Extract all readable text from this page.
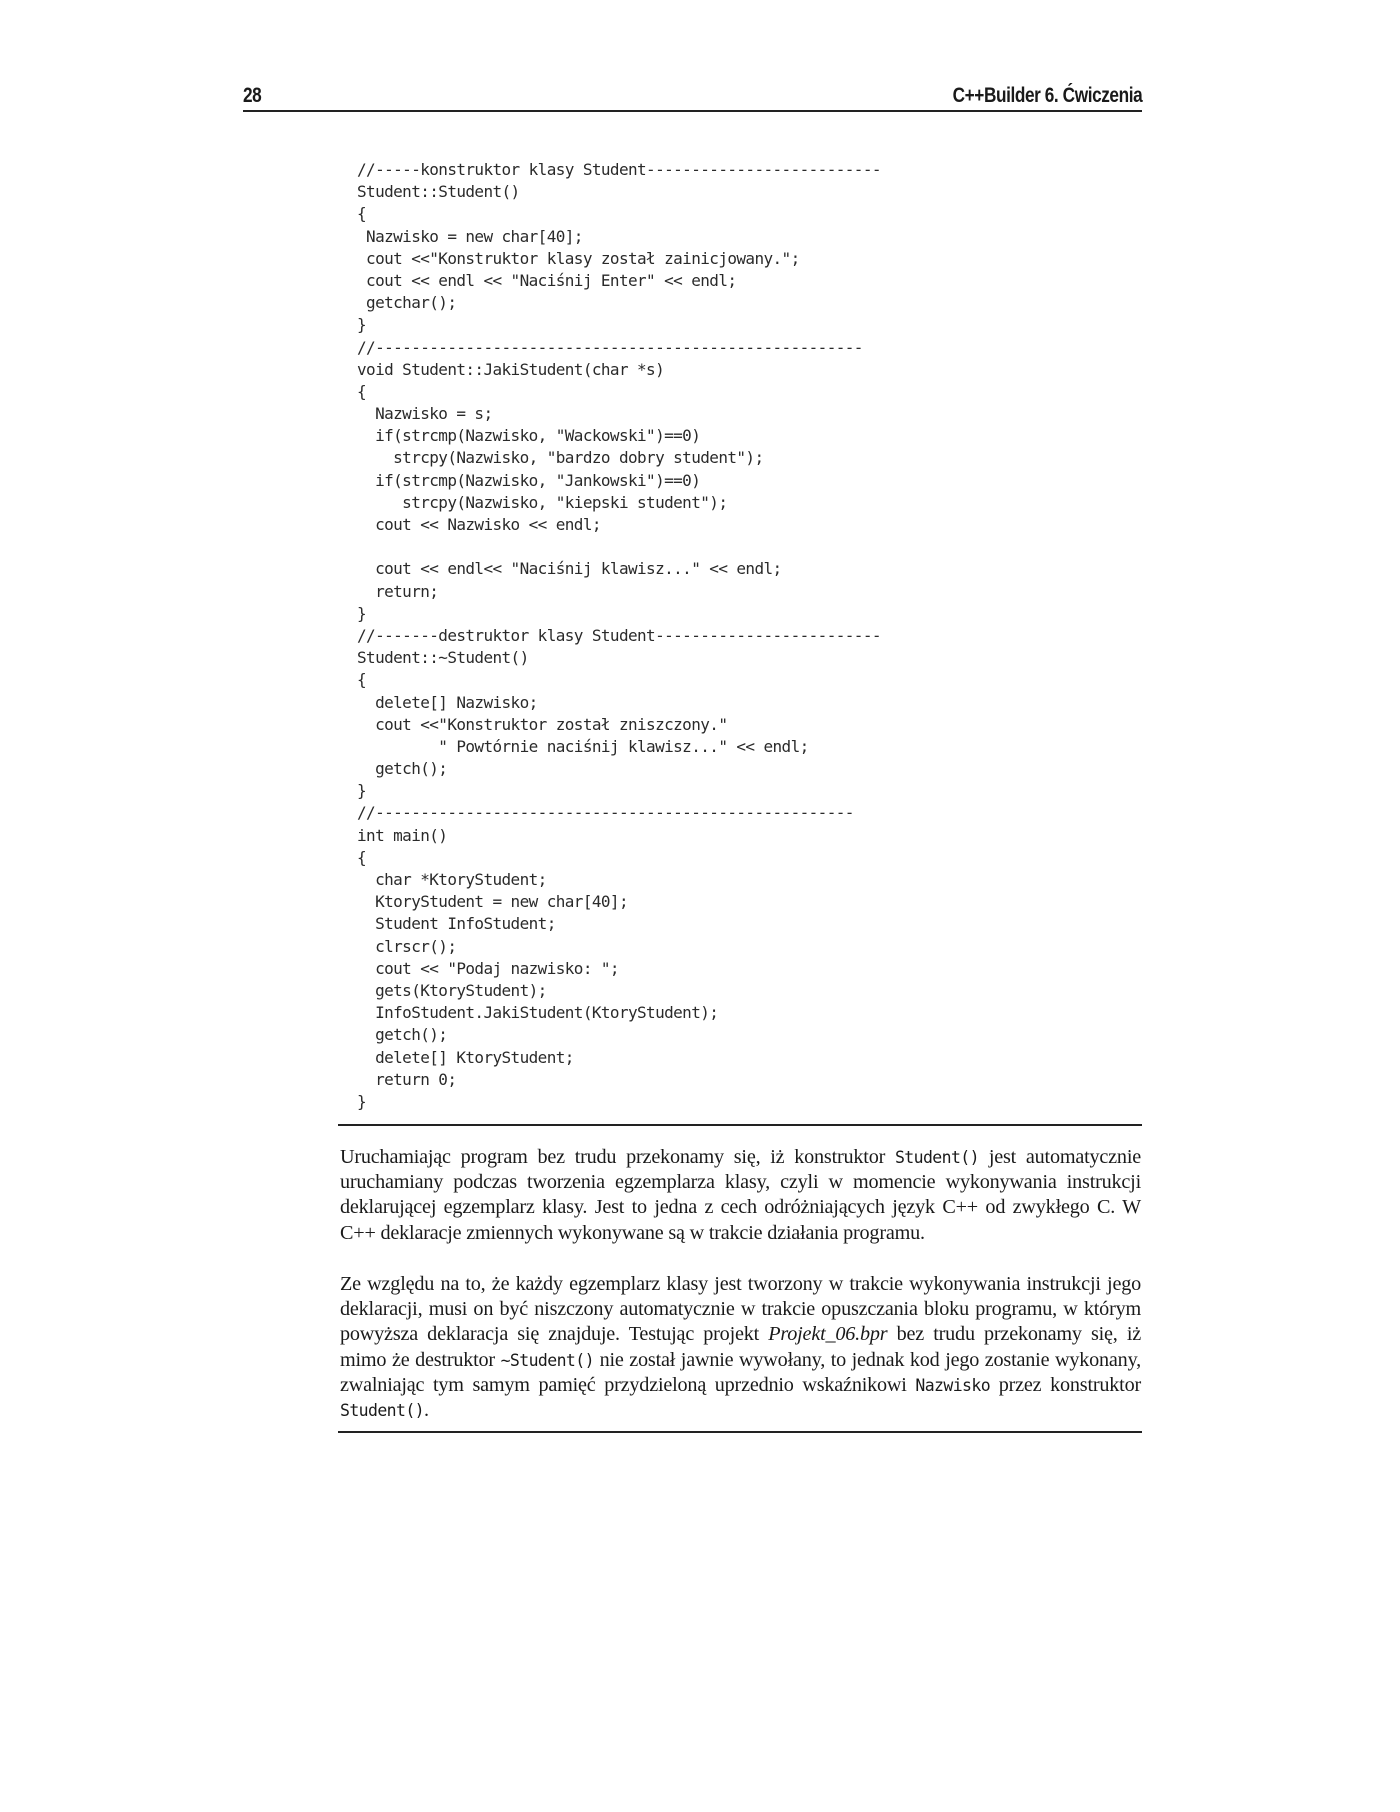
28	C++Builder 6. Ćwiczenia
//-----konstruktor klasy Student--------------------------
Student::Student()
{
Nazwisko = new char[40];
cout <<"Konstruktor klasy został zainicjowany.";
cout << endl << "Naciśnij Enter" << endl;
getchar();
}
//------------------------------------------------------
void Student::JakiStudent(char *s)
{
Nazwisko = s;
if(strcmp(Nazwisko, "Wackowski")==0)
strcpy(Nazwisko, "bardzo dobry student");
if(strcmp(Nazwisko, "Jankowski")==0)
strcpy(Nazwisko, "kiepski student");
cout << Nazwisko << endl;
cout << endl<< "Naciśnij klawisz..." << endl;
return;
}
//-------destruktor klasy Student-------------------------
Student::~Student()
{
delete[] Nazwisko;
cout <<"Konstruktor został zniszczony."
" Powtórnie naciśnij klawisz..." << endl;
getch();
}
//-----------------------------------------------------
int main()
{
char *KtoryStudent;
KtoryStudent = new char[40];
Student InfoStudent;
clrscr();
cout << "Podaj nazwisko: ";
gets(KtoryStudent);
InfoStudent.JakiStudent(KtoryStudent);
getch();
delete[] KtoryStudent;
return 0;
}

Uruchamiając program bez trudu przekonamy się, iż konstruktor Student() jest automatycznie uruchamiany podczas tworzenia egzemplarza klasy, czyli w momencie wykonywania instrukcji deklarującej egzemplarz klasy. Jest to jedna z cech odróżniających język C++ od zwykłego C. W C++ deklaracje zmiennych wykonywane są w trakcie działania programu.

Ze względu na to, że każdy egzemplarz klasy jest tworzony w trakcie wykonywania instrukcji jego deklaracji, musi on być niszczony automatycznie w trakcie opuszczania bloku programu, w którym powyższa deklaracja się znajduje. Testując projekt Projekt_06.bpr bez trudu przekonamy się, iż mimo że destruktor ~Student() nie został jawnie wywołany, to jednak kod jego zostanie wykonany, zwalniając tym samym pamięć przydzieloną uprzednio wskaźnikowi Nazwisko przez konstruktor Student().
